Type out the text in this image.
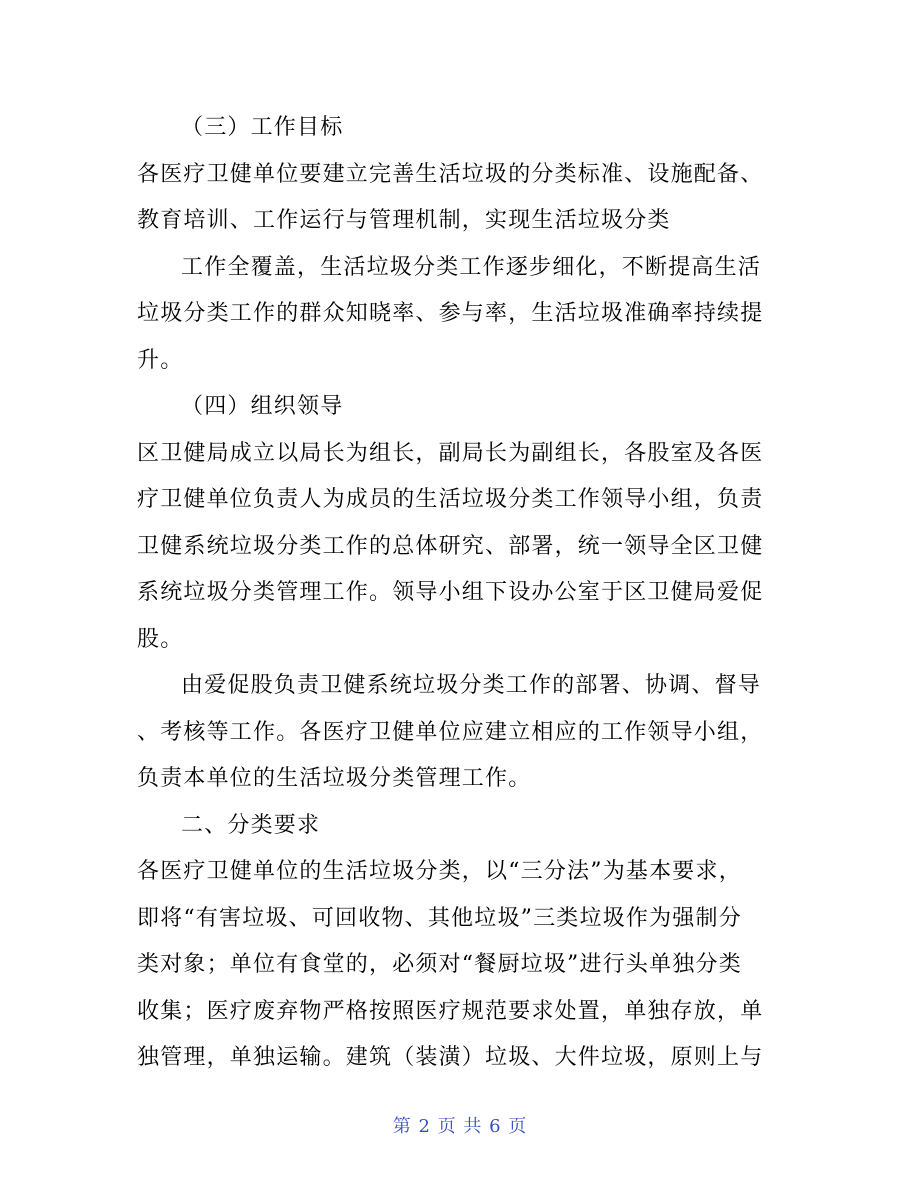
（三）工作目标
各医疗卫健单位要建立完善生活垃圾的分类标准、设施配备、
教育培训、工作运行与管理机制，实现生活垃圾分类
工作全覆盖，生活垃圾分类工作逐步细化，不断提高生活
垃圾分类工作的群众知晓率、参与率，生活垃圾准确率持续提
升。
（四）组织领导
区卫健局成立以局长为组长，副局长为副组长，各股室及各医
疗卫健单位负责人为成员的生活垃圾分类工作领导小组，负责
卫健系统垃圾分类工作的总体研究、部署，统一领导全区卫健
系统垃圾分类管理工作。领导小组下设办公室于区卫健局爱促
股。
由爱促股负责卫健系统垃圾分类工作的部署、协调、督导
、考核等工作。各医疗卫健单位应建立相应的工作领导小组，
负责本单位的生活垃圾分类管理工作。
二、分类要求
各医疗卫健单位的生活垃圾分类，以“三分法”为基本要求，
即将“有害垃圾、可回收物、其他垃圾”三类垃圾作为强制分
类对象；单位有食堂的，必须对“餐厨垃圾”进行头单独分类
收集；医疗废弃物严格按照医疗规范要求处置，单独存放，单
独管理，单独运输。建筑（装潢）垃圾、大件垃圾，原则上与
第 2 页 共 6 页
